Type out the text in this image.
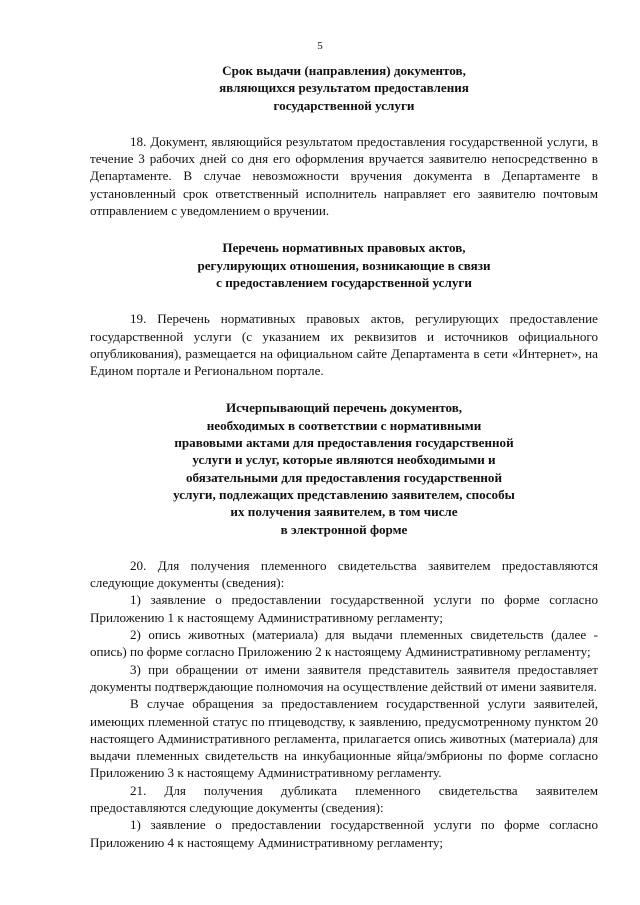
5
Срок выдачи (направления) документов,
являющихся результатом предоставления
государственной услуги

18. Документ, являющийся результатом предоставления государственной услуги, в течение 3 рабочих дней со дня его оформления вручается заявителю непосредственно в Департаменте. В случае невозможности вручения документа в Департаменте в установленный срок ответственный исполнитель направляет его заявителю почтовым отправлением с уведомлением о вручении.

Перечень нормативных правовых актов,
регулирующих отношения, возникающие в связи
с предоставлением государственной услуги

19. Перечень нормативных правовых актов, регулирующих предоставление государственной услуги (с указанием их реквизитов и источников официального опубликования), размещается на официальном сайте Департамента в сети «Интернет», на Едином портале и Региональном портале.

Исчерпывающий перечень документов,
необходимых в соответствии с нормативными
правовыми актами для предоставления государственной
услуги и услуг, которые являются необходимыми и
обязательными для предоставления государственной
услуги, подлежащих представлению заявителем, способы
их получения заявителем, в том числе
в электронной форме

20. Для получения племенного свидетельства заявителем предоставляются следующие документы (сведения):

1) заявление о предоставлении государственной услуги по форме согласно Приложению 1 к настоящему Административному регламенту;

2) опись животных (материала) для выдачи племенных свидетельств (далее - опись) по форме согласно Приложению 2 к настоящему Административному регламенту;

3) при обращении от имени заявителя представитель заявителя предоставляет документы подтверждающие полномочия на осуществление действий от имени заявителя.

В случае обращения за предоставлением государственной услуги заявителей, имеющих племенной статус по птицеводству, к заявлению, предусмотренному пунктом 20 настоящего Административного регламента, прилагается опись животных (материала) для выдачи племенных свидетельств на инкубационные яйца/эмбрионы по форме согласно Приложению 3 к настоящему Административному регламенту.

21. Для получения дубликата племенного свидетельства заявителем предоставляются следующие документы (сведения):

1) заявление о предоставлении государственной услуги по форме согласно Приложению 4 к настоящему Административному регламенту;
